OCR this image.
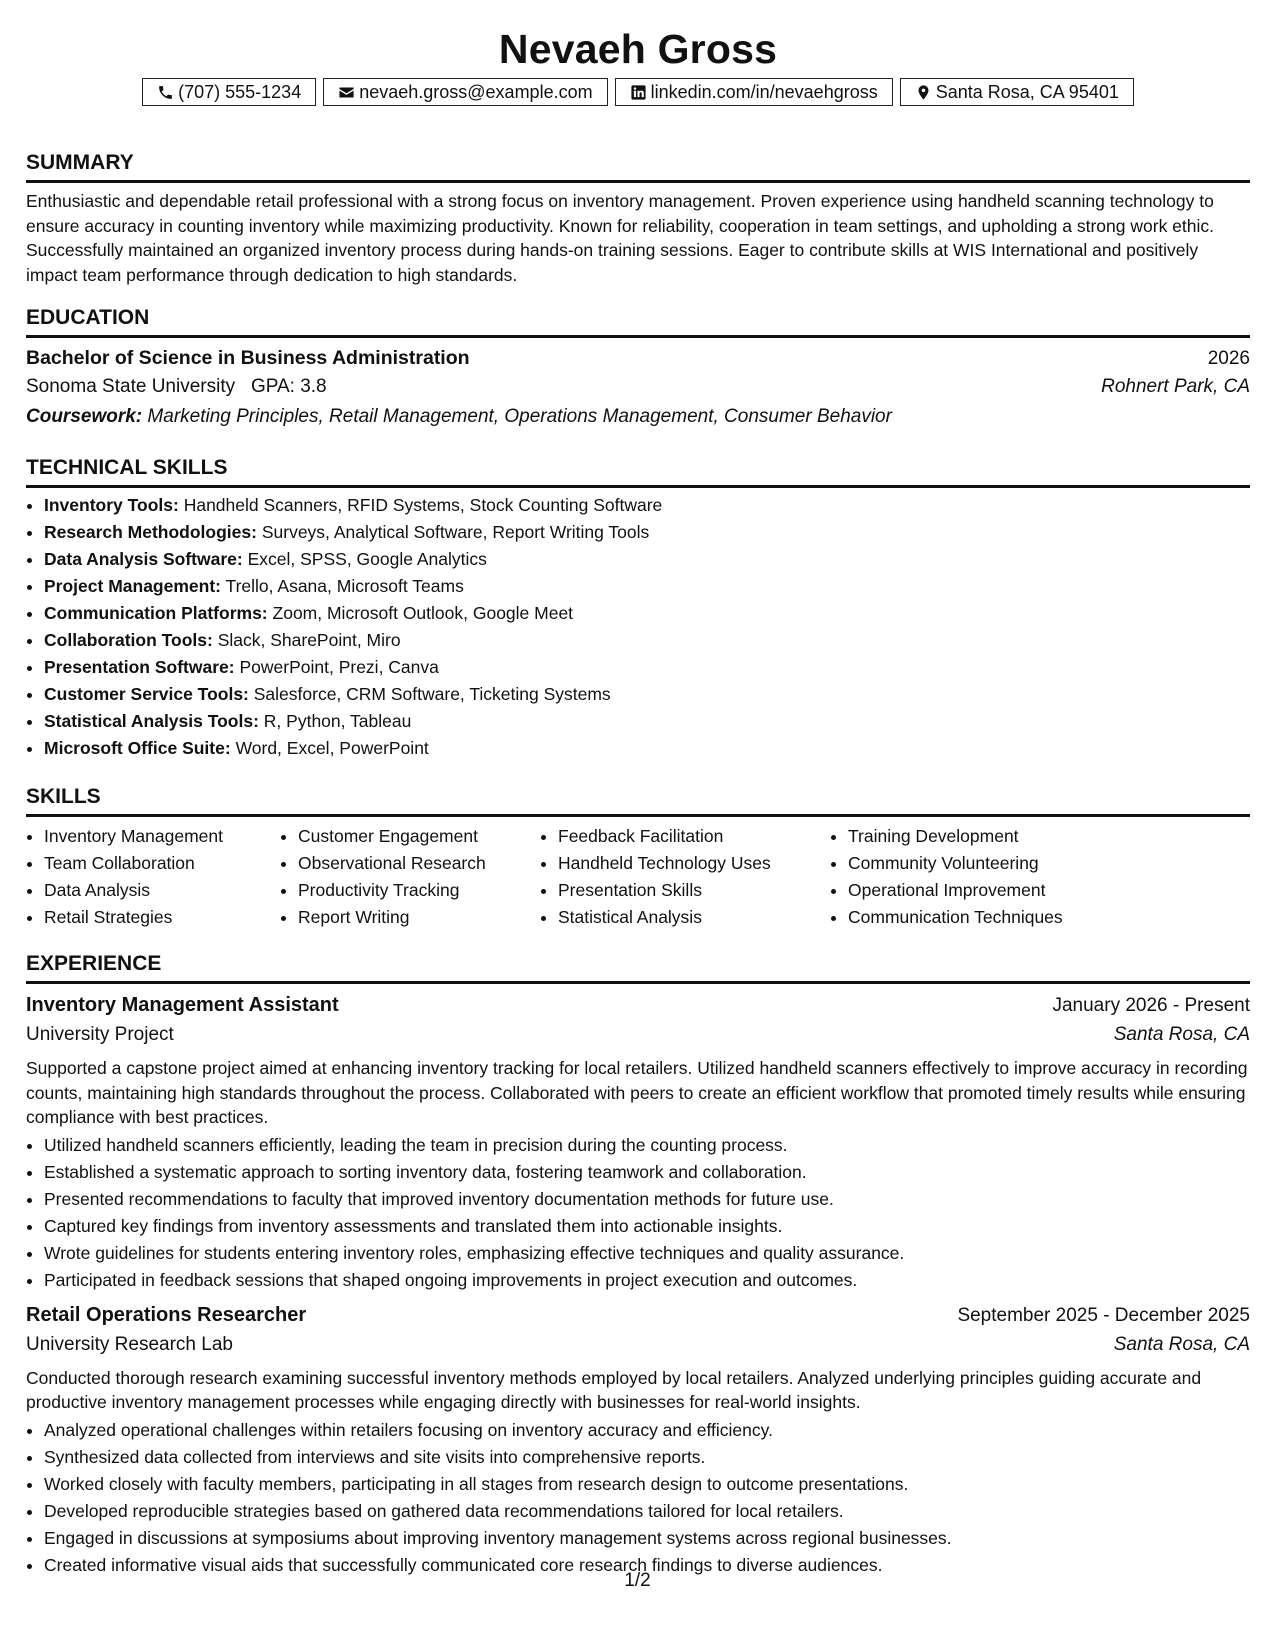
Nevaeh Gross
(707) 555-1234	nevaeh.gross@example.com	linkedin.com/in/nevaehgross	Santa Rosa, CA 95401
SUMMARY
Enthusiastic and dependable retail professional with a strong focus on inventory management. Proven experience using handheld scanning technology to ensure accuracy in counting inventory while maximizing productivity. Known for reliability, cooperation in team settings, and upholding a strong work ethic. Successfully maintained an organized inventory process during hands-on training sessions. Eager to contribute skills at WIS International and positively impact team performance through dedication to high standards.
EDUCATION
Bachelor of Science in Business Administration	2026
Sonoma State University GPA: 3.8	Rohnert Park, CA
Coursework: Marketing Principles, Retail Management, Operations Management, Consumer Behavior
TECHNICAL SKILLS
• Inventory Tools: Handheld Scanners, RFID Systems, Stock Counting Software
• Research Methodologies: Surveys, Analytical Software, Report Writing Tools
• Data Analysis Software: Excel, SPSS, Google Analytics
• Project Management: Trello, Asana, Microsoft Teams
• Communication Platforms: Zoom, Microsoft Outlook, Google Meet
• Collaboration Tools: Slack, SharePoint, Miro
• Presentation Software: PowerPoint, Prezi, Canva
• Customer Service Tools: Salesforce, CRM Software, Ticketing Systems
• Statistical Analysis Tools: R, Python, Tableau
• Microsoft Office Suite: Word, Excel, PowerPoint
SKILLS
• Inventory Management
• Team Collaboration
• Data Analysis
• Retail Strategies
• Customer Engagement
• Observational Research
• Productivity Tracking
• Report Writing
• Feedback Facilitation
• Handheld Technology Uses
• Presentation Skills
• Statistical Analysis
• Training Development
• Community Volunteering
• Operational Improvement
• Communication Techniques
EXPERIENCE
Inventory Management Assistant	January 2026 - Present
University Project	Santa Rosa, CA
Supported a capstone project aimed at enhancing inventory tracking for local retailers. Utilized handheld scanners effectively to improve accuracy in recording counts, maintaining high standards throughout the process. Collaborated with peers to create an efficient workflow that promoted timely results while ensuring compliance with best practices.
• Utilized handheld scanners efficiently, leading the team in precision during the counting process.
• Established a systematic approach to sorting inventory data, fostering teamwork and collaboration.
• Presented recommendations to faculty that improved inventory documentation methods for future use.
• Captured key findings from inventory assessments and translated them into actionable insights.
• Wrote guidelines for students entering inventory roles, emphasizing effective techniques and quality assurance.
• Participated in feedback sessions that shaped ongoing improvements in project execution and outcomes.
Retail Operations Researcher	September 2025 - December 2025
University Research Lab	Santa Rosa, CA
Conducted thorough research examining successful inventory methods employed by local retailers. Analyzed underlying principles guiding accurate and productive inventory management processes while engaging directly with businesses for real-world insights.
• Analyzed operational challenges within retailers focusing on inventory accuracy and efficiency.
• Synthesized data collected from interviews and site visits into comprehensive reports.
• Worked closely with faculty members, participating in all stages from research design to outcome presentations.
• Developed reproducible strategies based on gathered data recommendations tailored for local retailers.
• Engaged in discussions at symposiums about improving inventory management systems across regional businesses.
• Created informative visual aids that successfully communicated core research findings to diverse audiences.
1/2
